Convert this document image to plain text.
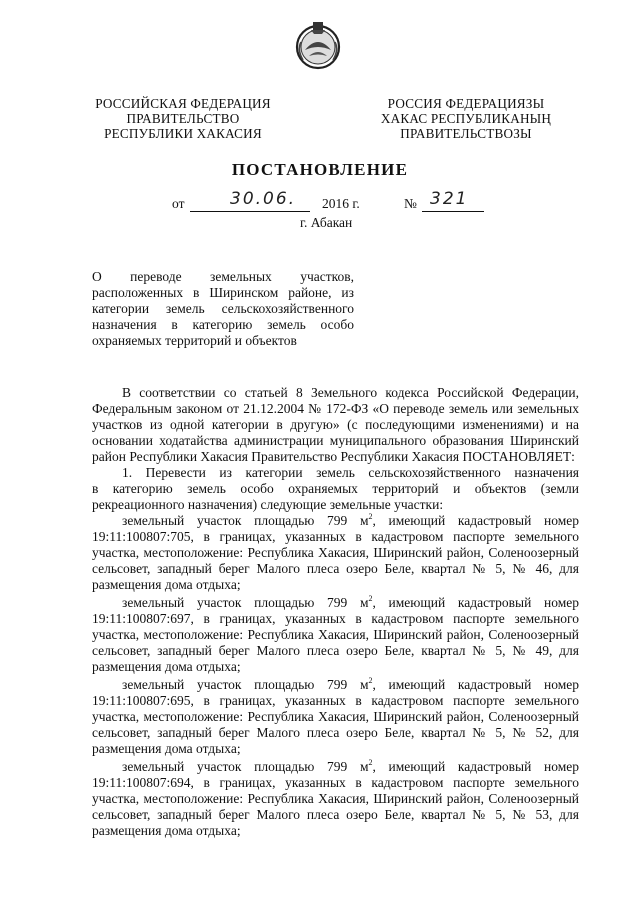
РОССИЙСКАЯ ФЕДЕРАЦИЯ
ПРАВИТЕЛЬСТВО
РЕСПУБЛИКИ ХАКАСИЯ
РОССИЯ ФЕДЕРАЦИЯЗЫ
ХАКАС РЕСПУБЛИКАНЫҢ
ПРАВИТЕЛЬСТВОЗЫ
ПОСТАНОВЛЕНИЕ
от	30.06. 2016 г.	№ 321
г. Абакан
О переводе земельных участков,
расположенных в Ширинском районе, из
категории земель сельскохозяйственного
назначения в категорию земель особо
охраняемых территорий и объектов
В соответствии со статьей 8 Земельного кодекса Российской Федерации,
Федеральным законом от 21.12.2004 № 172-ФЗ «О переводе земель или земельных
участков из одной категории в другую» (с последующими изменениями) и на
основании ходатайства администрации муниципального образования Ширинский
район Республики Хакасия Правительство Республики Хакасия ПОСТАНОВЛЯЕТ:
1. Перевести из категории земель сельскохозяйственного назначения
в категорию земель особо охраняемых территорий и объектов (земли
рекреационного назначения) следующие земельные участки:
земельный участок площадью 799 $м^2$, имеющий кадастровый номер
19:11:100807:705, в границах, указанных в кадастровом паспорте земельного
участка, местоположение: Республика Хакасия, Ширинский район, Соленоозерный
сельсовет, западный берег Малого плеса озеро Беле, квартал № 5, № 46, для
размещения дома отдыха;
земельный участок площадью 799 $м^2$, имеющий кадастровый номер
19:11:100807:697, в границах, указанных в кадастровом паспорте земельного
участка, местоположение: Республика Хакасия, Ширинский район, Соленоозерный
сельсовет, западный берег Малого плеса озеро Беле, квартал № 5, № 49, для
размещения дома отдыха;
земельный участок площадью 799 $м^2$, имеющий кадастровый номер
19:11:100807:695, в границах, указанных в кадастровом паспорте земельного
участка, местоположение: Республика Хакасия, Ширинский район, Соленоозерный
сельсовет, западный берег Малого плеса озеро Беле, квартал № 5, № 52, для
размещения дома отдыха;
земельный участок площадью 799 $м^2$, имеющий кадастровый номер
19:11:100807:694, в границах, указанных в кадастровом паспорте земельного
участка, местоположение: Республика Хакасия, Ширинский район, Соленоозерный
сельсовет, западный берег Малого плеса озеро Беле, квартал № 5, № 53, для
размещения дома отдыха;
